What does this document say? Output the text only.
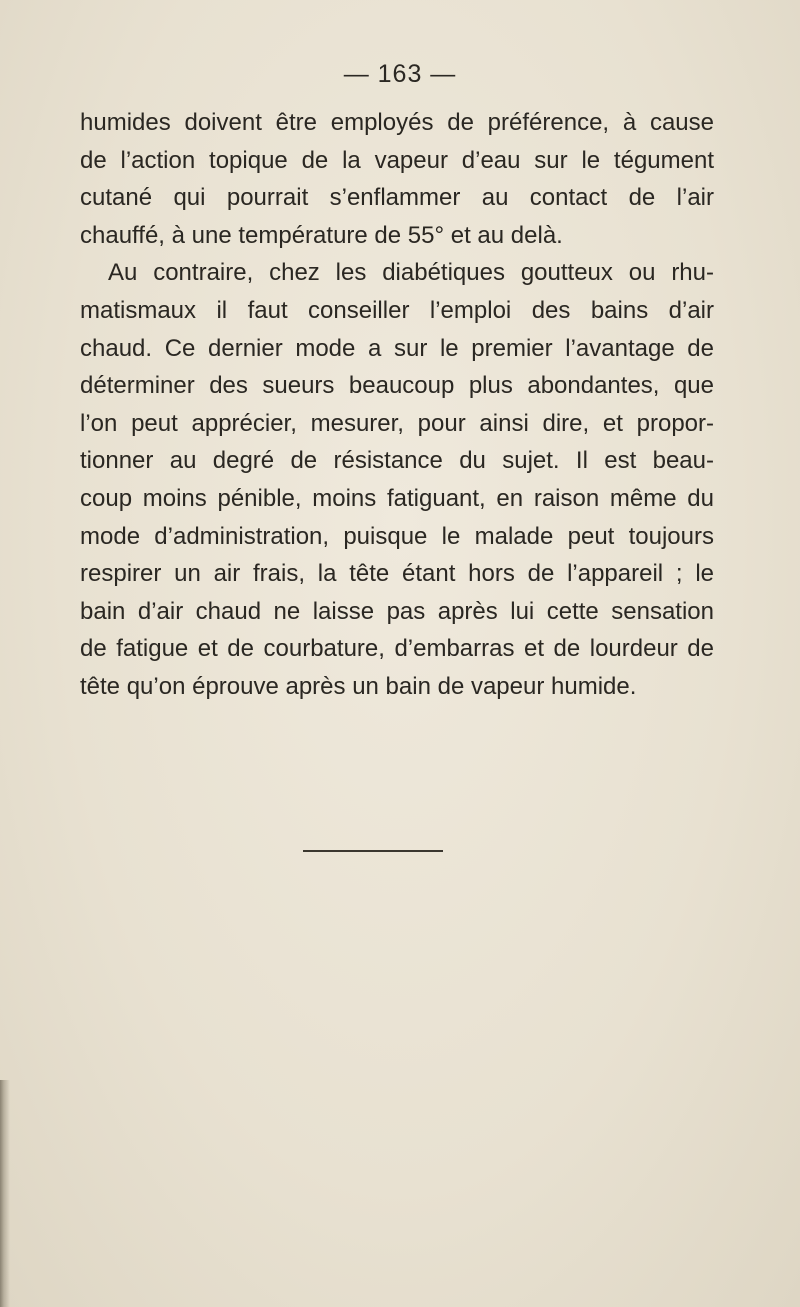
— 163 —
humides doivent être employés de préférence, à cause
de l’action topique de la vapeur d’eau sur le tégument
cutané qui pourrait s’enflammer au contact de l’air
chauffé, à une température de 55° et au delà.
Au contraire, chez les diabétiques goutteux ou rhu-
matismaux il faut conseiller l’emploi des bains d’air
chaud. Ce dernier mode a sur le premier l’avantage de
déterminer des sueurs beaucoup plus abondantes, que
l’on peut apprécier, mesurer, pour ainsi dire, et propor-
tionner au degré de résistance du sujet. Il est beau-
coup moins pénible, moins fatiguant, en raison même du
mode d’administration, puisque le malade peut toujours
respirer un air frais, la tête étant hors de l’appareil ; le
bain d’air chaud ne laisse pas après lui cette sensation
de fatigue et de courbature, d’embarras et de lourdeur de
tête qu’on éprouve après un bain de vapeur humide.
